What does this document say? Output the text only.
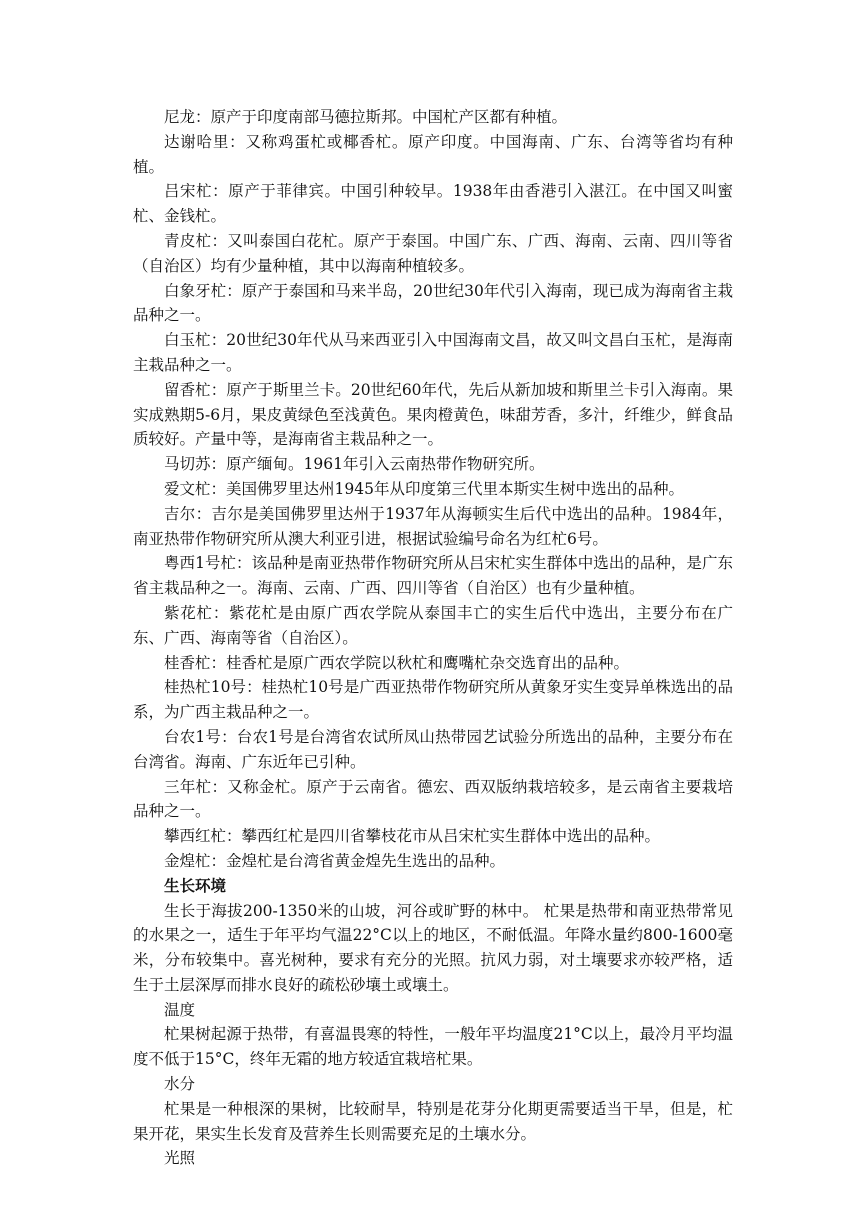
尼龙：原产于印度南部马德拉斯邦。中国杧产区都有种植。

达谢哈里：又称鸡蛋杧或椰香杧。原产印度。中国海南、广东、台湾等省均有种植。

吕宋杧：原产于菲律宾。中国引种较早。1938年由香港引入湛江。在中国又叫蜜杧、金钱杧。

青皮杧：又叫泰国白花杧。原产于泰国。中国广东、广西、海南、云南、四川等省（自治区）均有少量种植，其中以海南种植较多。

白象牙杧：原产于泰国和马来半岛，20世纪30年代引入海南，现已成为海南省主栽品种之一。

白玉杧：20世纪30年代从马来西亚引入中国海南文昌，故又叫文昌白玉杧，是海南主栽品种之一。

留香杧：原产于斯里兰卡。20世纪60年代，先后从新加坡和斯里兰卡引入海南。果实成熟期5-6月，果皮黄绿色至浅黄色。果肉橙黄色，味甜芳香，多汁，纤维少，鲜食品质较好。产量中等，是海南省主栽品种之一。

马切苏：原产缅甸。1961年引入云南热带作物研究所。

爱文杧：美国佛罗里达州1945年从印度第三代里本斯实生树中选出的品种。

吉尔：吉尔是美国佛罗里达州于1937年从海顿实生后代中选出的品种。1984年，南亚热带作物研究所从澳大利亚引进，根据试验编号命名为红杧6号。

粤西1号杧：该品种是南亚热带作物研究所从吕宋杧实生群体中选出的品种，是广东省主栽品种之一。海南、云南、广西、四川等省（自治区）也有少量种植。

紫花杧：紫花杧是由原广西农学院从泰国丰亡的实生后代中选出，主要分布在广东、广西、海南等省（自治区）。

桂香杧：桂香杧是原广西农学院以秋杧和鹰嘴杧杂交选育出的品种。

桂热杧10号：桂热杧10号是广西亚热带作物研究所从黄象牙实生变异单株选出的品系，为广西主栽品种之一。

台农1号：台农1号是台湾省农试所凤山热带园艺试验分所选出的品种，主要分布在台湾省。海南、广东近年已引种。

三年杧：又称金杧。原产于云南省。德宏、西双版纳栽培较多，是云南省主要栽培品种之一。

攀西红杧：攀西红杧是四川省攀枝花市从吕宋杧实生群体中选出的品种。

金煌杧：金煌杧是台湾省黄金煌先生选出的品种。

生长环境

生长于海拔200-1350米的山坡，河谷或旷野的林中。 杧果是热带和南亚热带常见的水果之一，适生于年平均气温22°C以上的地区，不耐低温。年降水量约800-1600毫米，分布较集中。喜光树种，要求有充分的光照。抗风力弱，对土壤要求亦较严格，适生于土层深厚而排水良好的疏松砂壤土或壤土。

温度

杧果树起源于热带，有喜温畏寒的特性，一般年平均温度21°C以上，最冷月平均温度不低于15°C，终年无霜的地方较适宜栽培杧果。

水分

杧果是一种根深的果树，比较耐旱，特别是花芽分化期更需要适当干旱，但是，杧果开花，果实生长发育及营养生长则需要充足的土壤水分。

光照
